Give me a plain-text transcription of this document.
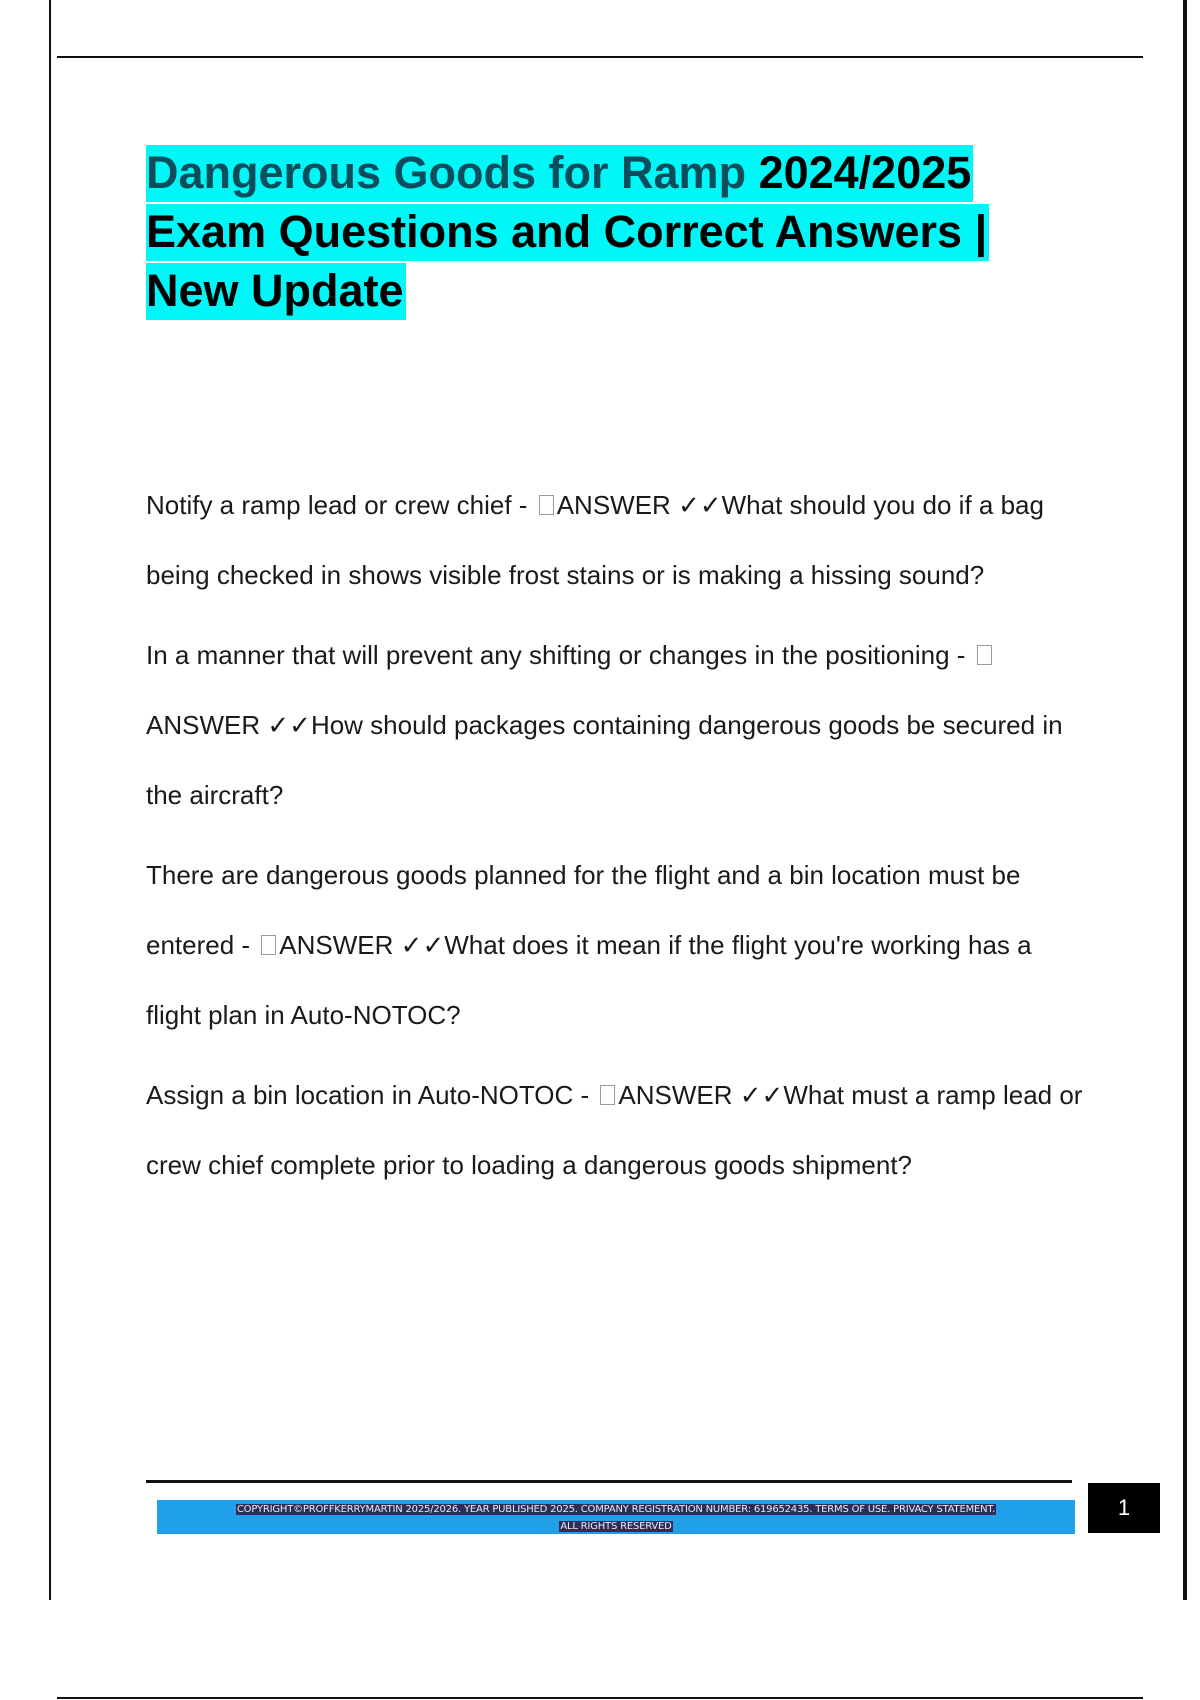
Dangerous Goods for Ramp 2024/2025
Exam Questions and Correct Answers |
New Update

Notify a ramp lead or crew chief - ANSWER ✓✓What should you do if a bag being checked in shows visible frost stains or is making a hissing sound?

In a manner that will prevent any shifting or changes in the positioning - ANSWER ✓✓How should packages containing dangerous goods be secured in the aircraft?

There are dangerous goods planned for the flight and a bin location must be entered - ANSWER ✓✓What does it mean if the flight you're working has a flight plan in Auto-NOTOC?

Assign a bin location in Auto-NOTOC - ANSWER ✓✓What must a ramp lead or crew chief complete prior to loading a dangerous goods shipment?

COPYRIGHT©PROFFKERRYMARTIN 2025/2026. YEAR PUBLISHED 2025. COMPANY REGISTRATION NUMBER: 619652435. TERMS OF USE. PRIVACY STATEMENT.
ALL RIGHTS RESERVED
1
